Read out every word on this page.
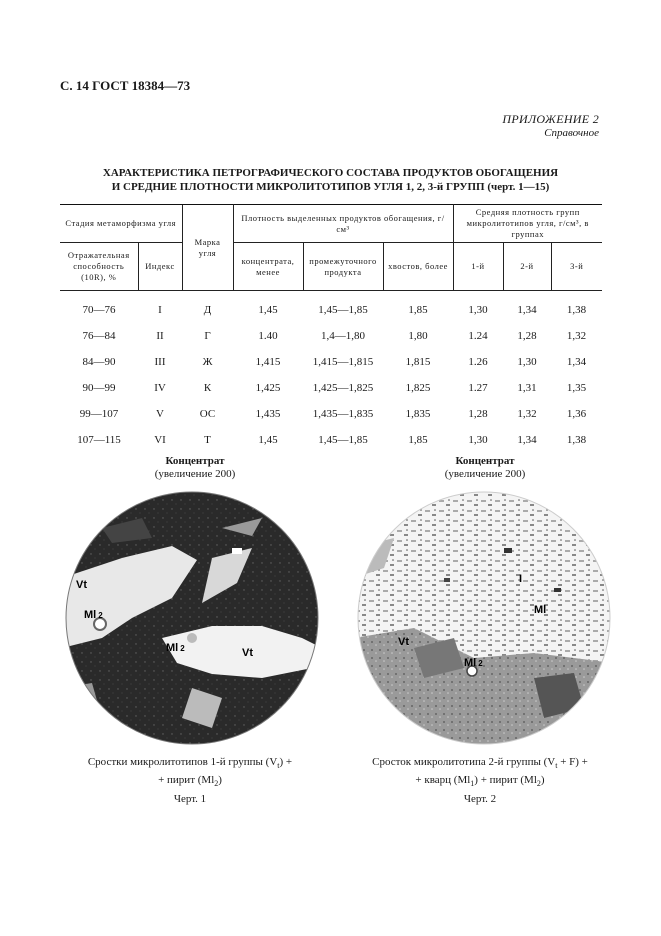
С. 14 ГОСТ 18384—73
ПРИЛОЖЕНИЕ 2
Справочное
ХАРАКТЕРИСТИКА ПЕТРОГРАФИЧЕСКОГО СОСТАВА ПРОДУКТОВ ОБОГАЩЕНИЯ
И СРЕДНИЕ ПЛОТНОСТИ МИКРОЛИТОТИПОВ УГЛЯ 1, 2, 3-й ГРУПП (черт. 1—15)
Стадия метаморфизма угля		Марка угля	Плотность выделенных продуктов обогащения, г/см³			Средняя плотность групп микролитотипов угля, г/см³, в группах		
Отражательная способность (10R), %	Индекс		концентрата, менее	промежуточного продукта	хвостов, более	1-й	2-й	3-й
70—76	I	Д	1,45	1,45—1,85	1,85	1,30	1,34	1,38
76—84	II	Г	1.40	1,4—1,80	1,80	1.24	1,28	1,32
84—90	III	Ж	1,415	1,415—1,815	1,815	1.26	1,30	1,34
90—99	IV	К	1,425	1,425—1,825	1,825	1.27	1,31	1,35
99—107	V	ОС	1,435	1,435—1,835	1,835	1,28	1,32	1,36
107—115	VI	Т	1,45	1,45—1,85	1,85	1,30	1,34	1,38
Концентрат
(увеличение 200)
Vt
Ml 2
Ml 2	Vt
Сростки микролитотипов 1-й группы $(V_t)$ +
+ пирит $(Ml_2)$
Черт. 1
Концентрат
(увеличение 200)
I
Ml
Vt
Ml 2
Сросток микролитотипа 2-й группы $(V_t + F)$ +
+ кварц $(Ml_1)$ + пирит $(Ml_2)$
Черт. 2
